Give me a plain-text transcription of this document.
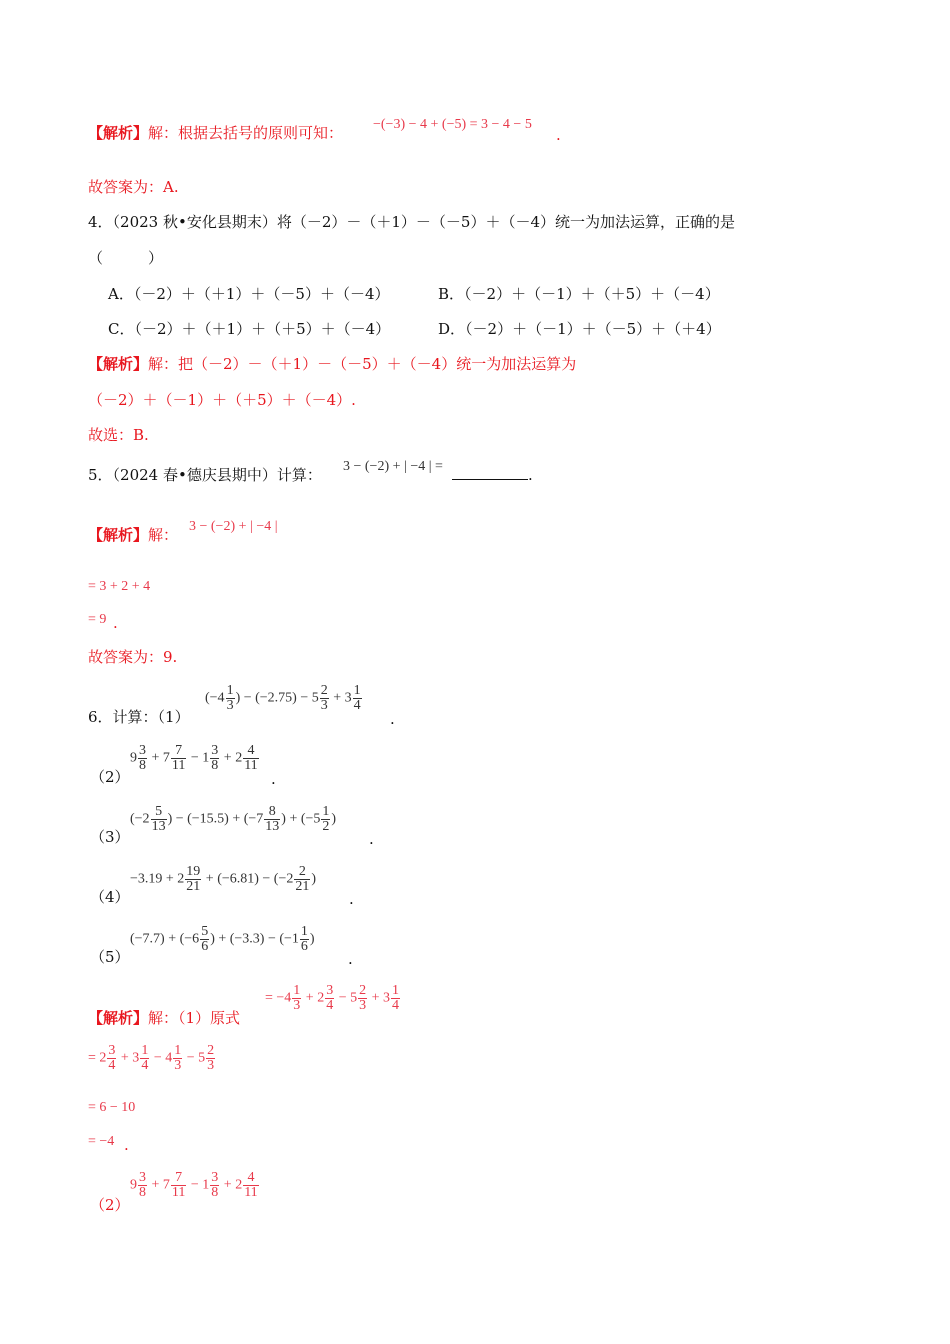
【解析】解：根据去括号的原则可知： −(−3) − 4 + (−5) = 3 − 4 − 5
.
故答案为：A.
4．（2023 秋•安化县期末）将（－2）－（＋1）－（－5）＋（－4）统一为加法运算，正确的是
（　　　）
A．（－2）＋（＋1）＋（－5）＋（－4）	B．（－2）＋（－1）＋（＋5）＋（－4）
C．（－2）＋（＋1）＋（＋5）＋（－4）	D．（－2）＋（－1）＋（－5）＋（＋4）
【解析】解：把（－2）－（＋1）－（－5）＋（－4）统一为加法运算为
（－2）＋（－1）＋（＋5）＋（－4）.
故选：B.
5．（2024 春•德庆县期中）计算： 3 − (−2) + | −4 | =	.
【解析】解： 3 − (−2) + | −4 |
= 3 + 2 + 4
= 9 .
故答案为：9.
6．计算：（1）
($-4 \frac{1}{3}$ ) − $(-2.75) - 5 \frac{2}{3} + 3 \frac{1}{4}$
.
（2）
$9 \frac{3}{8} + 7 \frac{7}{11} - 1 \frac{3}{8} + 2 \frac{4}{11}$
.
（3）
($-2 \frac{5}{13}$ ) − $(-15.5) + (-7 \frac{8}{13}$ ) + ($-5 \frac{1}{2}$ )
.
（4）
$-3.19 + 2 \frac{19}{21} + (-6.81) - (-2 \frac{2}{21}$ )
.
（5）
$(-7.7) + (-6 \frac{5}{6}$ ) + $(-3.3) - (-1 \frac{1}{6}$ )
.
【解析】解：（1）原式
= $-4 \frac{1}{3} + 2 \frac{3}{4} - 5 \frac{2}{3} + 3 \frac{1}{4}$
= $2 \frac{3}{4} + 3 \frac{1}{4} - 4 \frac{1}{3} - 5 \frac{2}{3}$
= 6 − 10
= −4 .
（2）
$9 \frac{3}{8} + 7 \frac{7}{11} - 1 \frac{3}{8} + 2 \frac{4}{11}$
